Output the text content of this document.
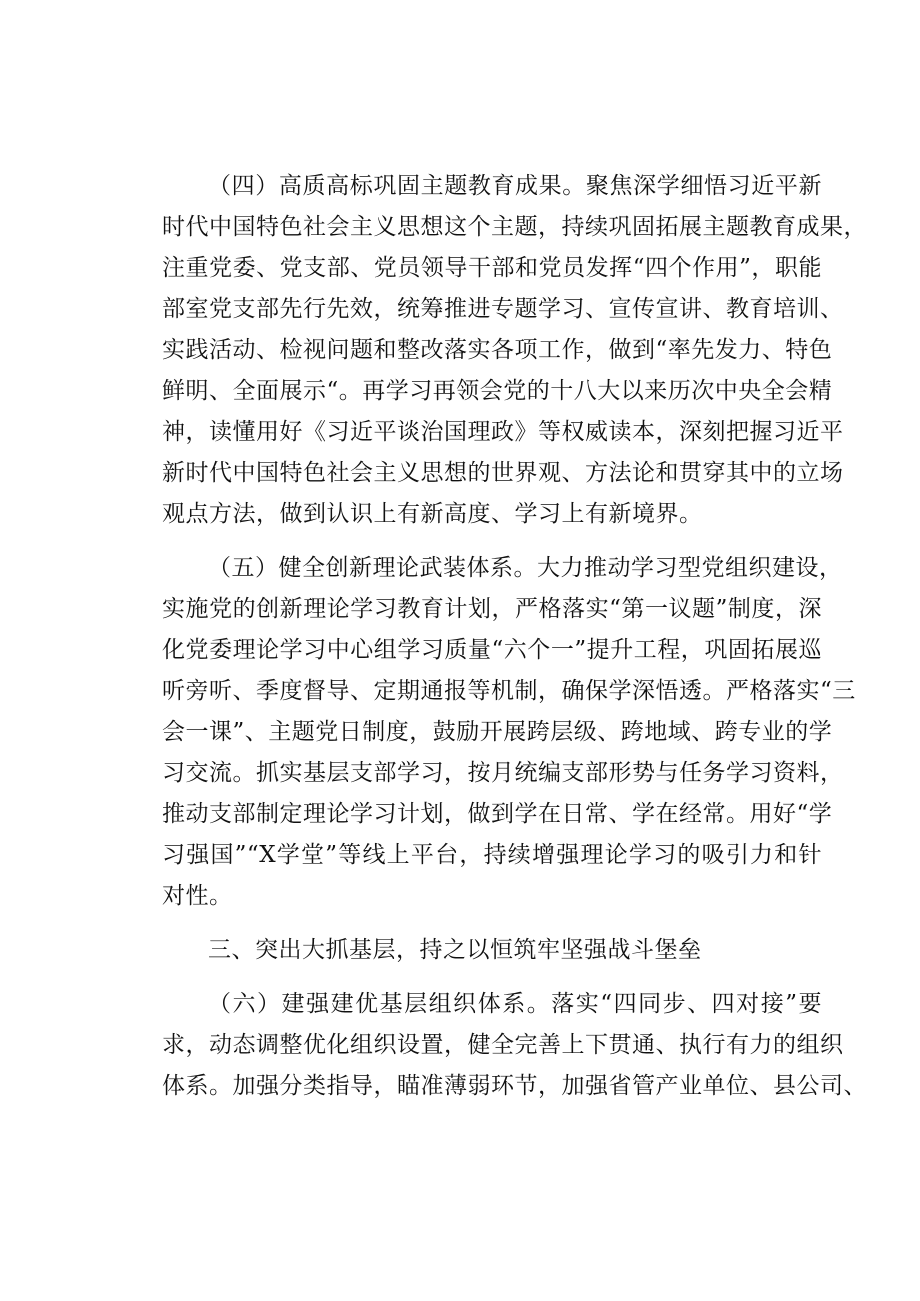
（四）高质高标巩固主题教育成果。聚焦深学细悟习近平新
时代中国特色社会主义思想这个主题，持续巩固拓展主题教育成果，
注重党委、党支部、党员领导干部和党员发挥“四个作用”，职能
部室党支部先行先效，统筹推进专题学习、宣传宣讲、教育培训、
实践活动、检视问题和整改落实各项工作，做到“率先发力、特色
鲜明、全面展示“。再学习再领会党的十八大以来历次中央全会精
神，读懂用好《习近平谈治国理政》等权威读本，深刻把握习近平
新时代中国特色社会主义思想的世界观、方法论和贯穿其中的立场
观点方法，做到认识上有新高度、学习上有新境界。
（五）健全创新理论武装体系。大力推动学习型党组织建设，
实施党的创新理论学习教育计划，严格落实“第一议题”制度，深
化党委理论学习中心组学习质量“六个一”提升工程，巩固拓展巡
听旁听、季度督导、定期通报等机制，确保学深悟透。严格落实“三
会一课”、主题党日制度，鼓励开展跨层级、跨地域、跨专业的学
习交流。抓实基层支部学习，按月统编支部形势与任务学习资料，
推动支部制定理论学习计划，做到学在日常、学在经常。用好“学
习强国”“X学堂”等线上平台，持续增强理论学习的吸引力和针
对性。
三、突出大抓基层，持之以恒筑牢坚强战斗堡垒
（六）建强建优基层组织体系。落实“四同步、四对接”要
求，动态调整优化组织设置，健全完善上下贯通、执行有力的组织
体系。加强分类指导，瞄准薄弱环节，加强省管产业单位、县公司、
